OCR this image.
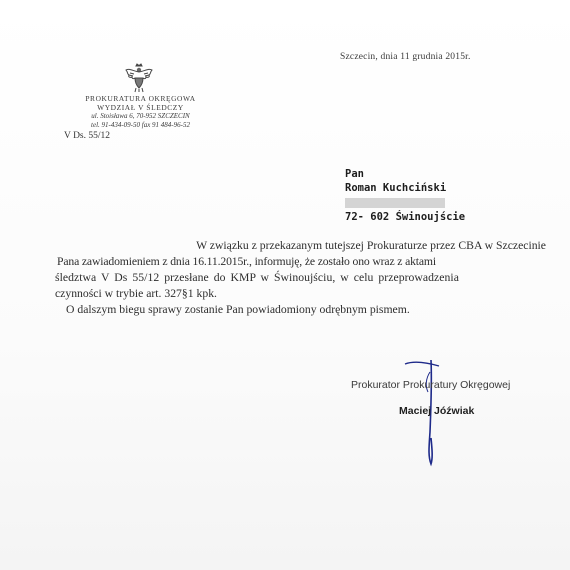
Szczecin, dnia 11 grudnia 2015r.
PROKURATURA OKRĘGOWA
WYDZIAŁ V ŚLEDCZY
ul. Stoisława 6, 70-952 SZCZECIN
tel. 91-434-09-50 fax 91 484-96-52
V Ds. 55/12
Pan
Roman Kuchciński
72- 602 Świnoujście
W związku z przekazanym tutejszej Prokuraturze przez CBA w Szczecinie
Pana zawiadomieniem z dnia 16.11.2015r., informuję, że zostało ono wraz z aktami
śledztwa V Ds 55/12 przesłane do KMP w Świnoujściu, w celu przeprowadzenia
czynności w trybie art. 327§1 kpk.
O dalszym biegu sprawy zostanie Pan powiadomiony odrębnym pismem.
Prokurator Prokuratury Okręgowej
Maciej Jóźwiak
